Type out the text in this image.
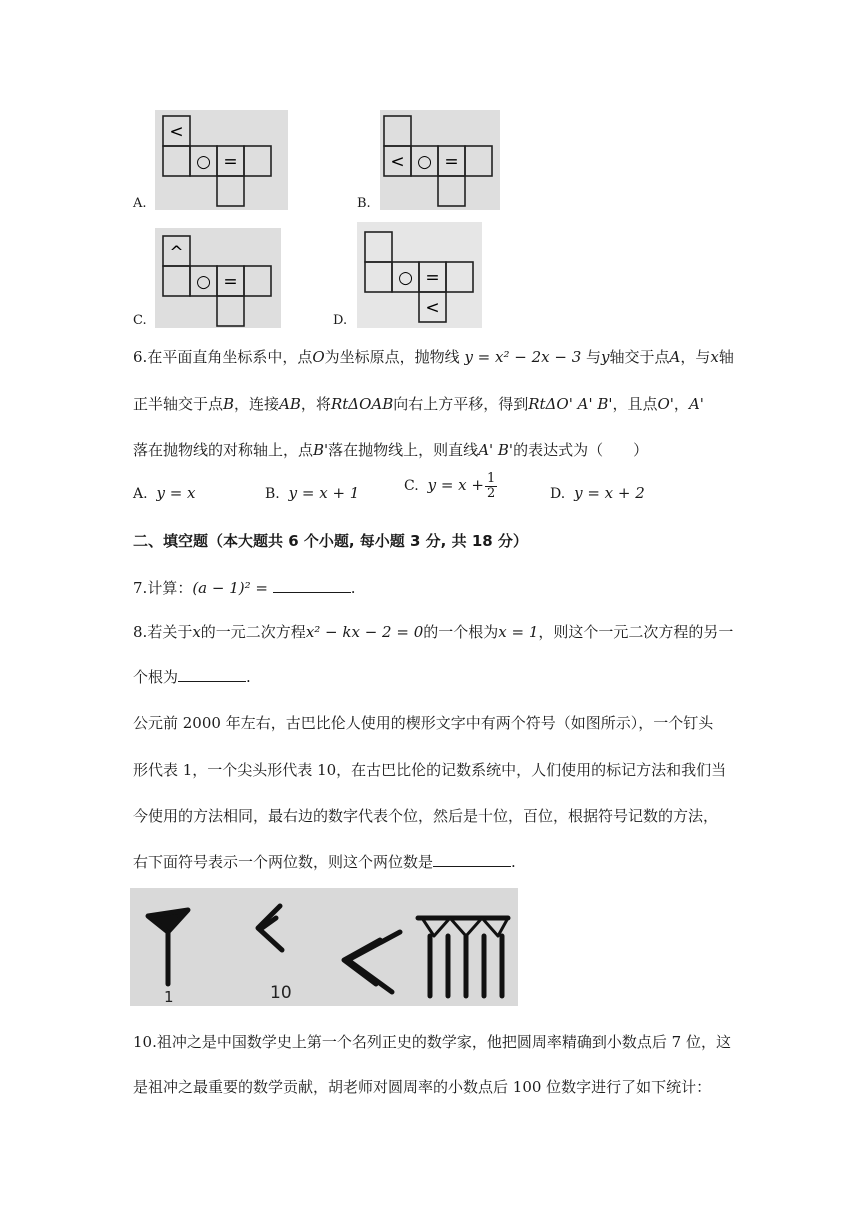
A.
<
○ =
B.
< ○ =
C.
^
○ =
D.
○ =
<
6.在平面直角坐标系中，点O为坐标原点，抛物线 y = x² − 2x − 3 与y轴交于点A，与x轴
正半轴交于点B，连接AB，将RtΔOAB向右上方平移，得到RtΔO' A' B'，且点O'，A'
落在抛物线的对称轴上，点B'落在抛物线上，则直线A' B'的表达式为（　　）
A. y = x	B. y = x + 1	C. $y = x + \frac{1}{2}$	D. y = x + 2
二、填空题（本大题共 6 个小题, 每小题 3 分, 共 18 分）
7.计算：(a − 1)² =	.
8.若关于x的一元二次方程x² − kx − 2 = 0的一个根为x = 1，则这个一元二次方程的另一
个根为	.
公元前 2000 年左右，古巴比伦人使用的楔形文字中有两个符号（如图所示），一个钉头
形代表 1，一个尖头形代表 10，在古巴比伦的记数系统中，人们使用的标记方法和我们当
今使用的方法相同，最右边的数字代表个位，然后是十位，百位，根据符号记数的方法，
右下面符号表示一个两位数，则这个两位数是	.
1	10
10.祖冲之是中国数学史上第一个名列正史的数学家，他把圆周率精确到小数点后 7 位，这
是祖冲之最重要的数学贡献，胡老师对圆周率的小数点后 100 位数字进行了如下统计：
